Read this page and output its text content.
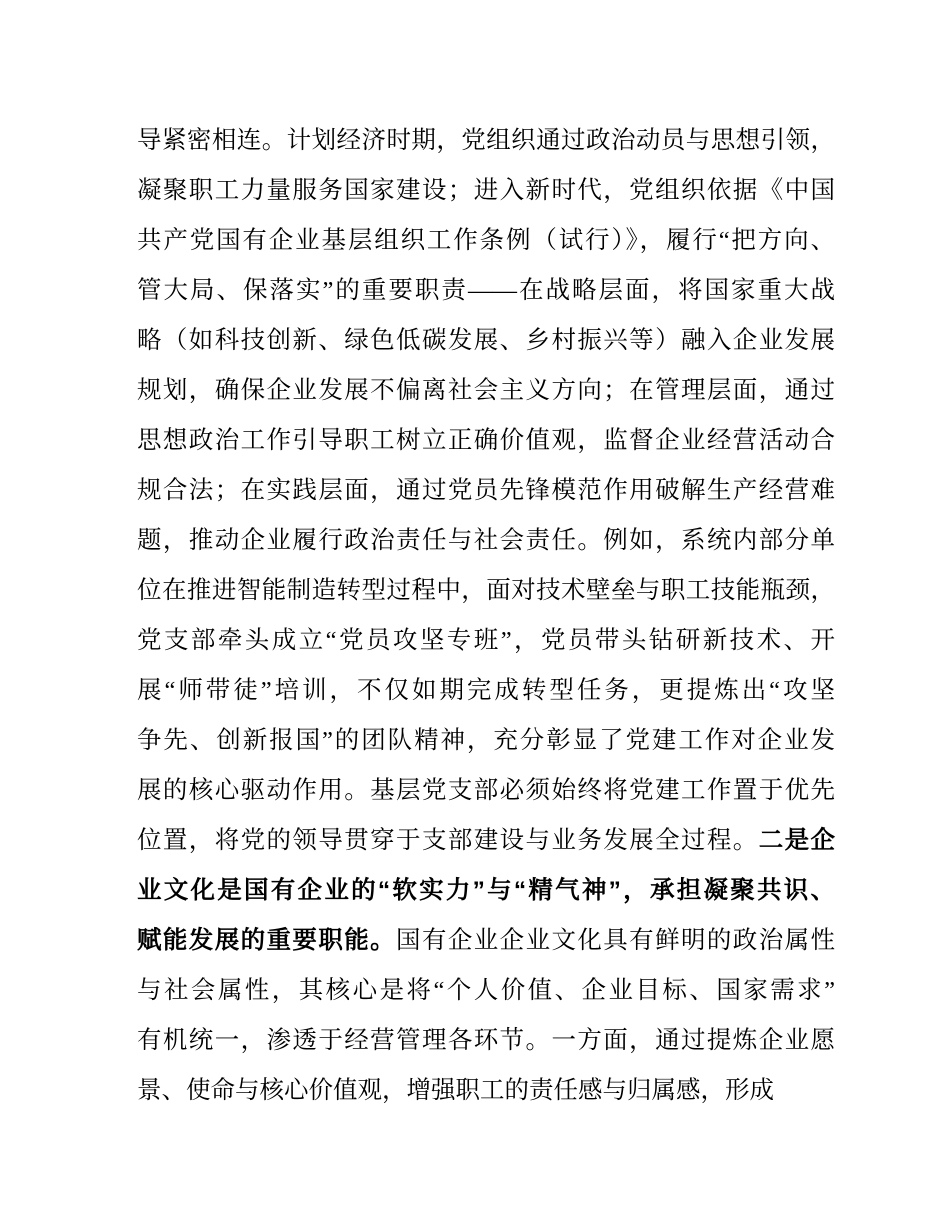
导紧密相连。计划经济时期，党组织通过政治动员与思想引领，
凝聚职工力量服务国家建设；进入新时代，党组织依据《中国
共产党国有企业基层组织工作条例（试行）》，履行“把方向、
管大局、保落实”的重要职责——在战略层面，将国家重大战
略（如科技创新、绿色低碳发展、乡村振兴等）融入企业发展
规划，确保企业发展不偏离社会主义方向；在管理层面，通过
思想政治工作引导职工树立正确价值观，监督企业经营活动合
规合法；在实践层面，通过党员先锋模范作用破解生产经营难
题，推动企业履行政治责任与社会责任。例如，系统内部分单
位在推进智能制造转型过程中，面对技术壁垒与职工技能瓶颈，
党支部牵头成立“党员攻坚专班”，党员带头钻研新技术、开
展“师带徒”培训，不仅如期完成转型任务，更提炼出“攻坚
争先、创新报国”的团队精神，充分彰显了党建工作对企业发
展的核心驱动作用。基层党支部必须始终将党建工作置于优先
位置，将党的领导贯穿于支部建设与业务发展全过程。二是企
业文化是国有企业的“软实力”与“精气神”，承担凝聚共识、
赋能发展的重要职能。国有企业企业文化具有鲜明的政治属性
与社会属性，其核心是将“个人价值、企业目标、国家需求”
有机统一，渗透于经营管理各环节。一方面，通过提炼企业愿
景、使命与核心价值观，增强职工的责任感与归属感，形成
